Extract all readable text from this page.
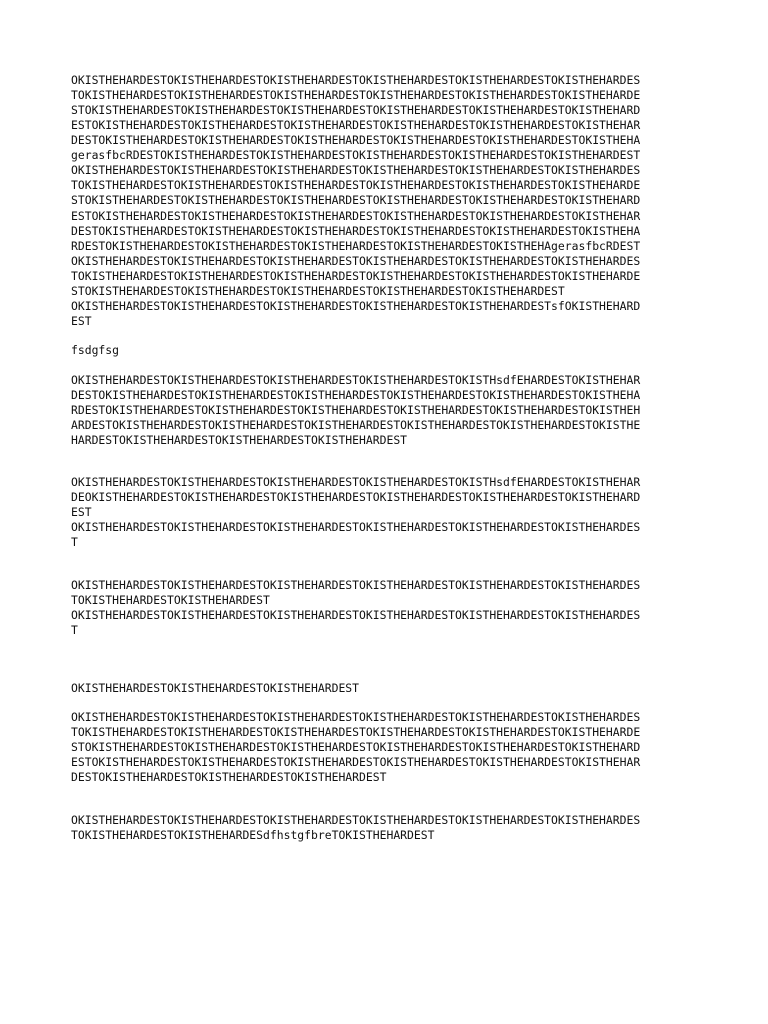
OKISTHEHARDESTOKISTHEHARDESTOKISTHEHARDESTOKISTHEHARDESTOKISTHEHARDESTOKISTHEHARDES
TOKISTHEHARDESTOKISTHEHARDESTOKISTHEHARDESTOKISTHEHARDESTOKISTHEHARDESTOKISTHEHARDE
STOKISTHEHARDESTOKISTHEHARDESTOKISTHEHARDESTOKISTHEHARDESTOKISTHEHARDESTOKISTHEHARD
ESTOKISTHEHARDESTOKISTHEHARDESTOKISTHEHARDESTOKISTHEHARDESTOKISTHEHARDESTOKISTHEHAR
DESTOKISTHEHARDESTOKISTHEHARDESTOKISTHEHARDESTOKISTHEHARDESTOKISTHEHARDESTOKISTHEHA
gerasfbcRDESTOKISTHEHARDESTOKISTHEHARDESTOKISTHEHARDESTOKISTHEHARDESTOKISTHEHARDEST
OKISTHEHARDESTOKISTHEHARDESTOKISTHEHARDESTOKISTHEHARDESTOKISTHEHARDESTOKISTHEHARDES
TOKISTHEHARDESTOKISTHEHARDESTOKISTHEHARDESTOKISTHEHARDESTOKISTHEHARDESTOKISTHEHARDE
STOKISTHEHARDESTOKISTHEHARDESTOKISTHEHARDESTOKISTHEHARDESTOKISTHEHARDESTOKISTHEHARD
ESTOKISTHEHARDESTOKISTHEHARDESTOKISTHEHARDESTOKISTHEHARDESTOKISTHEHARDESTOKISTHEHAR
DESTOKISTHEHARDESTOKISTHEHARDESTOKISTHEHARDESTOKISTHEHARDESTOKISTHEHARDESTOKISTHEHA
RDESTOKISTHEHARDESTOKISTHEHARDESTOKISTHEHARDESTOKISTHEHARDESTOKISTHEHAgerasfbcRDEST
OKISTHEHARDESTOKISTHEHARDESTOKISTHEHARDESTOKISTHEHARDESTOKISTHEHARDESTOKISTHEHARDES
TOKISTHEHARDESTOKISTHEHARDESTOKISTHEHARDESTOKISTHEHARDESTOKISTHEHARDESTOKISTHEHARDE
STOKISTHEHARDESTOKISTHEHARDESTOKISTHEHARDESTOKISTHEHARDESTOKISTHEHARDEST
OKISTHEHARDESTOKISTHEHARDESTOKISTHEHARDESTOKISTHEHARDESTOKISTHEHARDESTsfOKISTHEHARD
EST
fsdgfsg
OKISTHEHARDESTOKISTHEHARDESTOKISTHEHARDESTOKISTHEHARDESTOKISTHsdfEHARDESTOKISTHEHAR
DESTOKISTHEHARDESTOKISTHEHARDESTOKISTHEHARDESTOKISTHEHARDESTOKISTHEHARDESTOKISTHEHA
RDESTOKISTHEHARDESTOKISTHEHARDESTOKISTHEHARDESTOKISTHEHARDESTOKISTHEHARDESTOKISTHEH
ARDESTOKISTHEHARDESTOKISTHEHARDESTOKISTHEHARDESTOKISTHEHARDESTOKISTHEHARDESTOKISTHE
HARDESTOKISTHEHARDESTOKISTHEHARDESTOKISTHEHARDEST
OKISTHEHARDESTOKISTHEHARDESTOKISTHEHARDESTOKISTHEHARDESTOKISTHsdfEHARDESTOKISTHEHAR
DEOKISTHEHARDESTOKISTHEHARDESTOKISTHEHARDESTOKISTHEHARDESTOKISTHEHARDESTOKISTHEHARD
EST
OKISTHEHARDESTOKISTHEHARDESTOKISTHEHARDESTOKISTHEHARDESTOKISTHEHARDESTOKISTHEHARDES
T
OKISTHEHARDESTOKISTHEHARDESTOKISTHEHARDESTOKISTHEHARDESTOKISTHEHARDESTOKISTHEHARDES
TOKISTHEHARDESTOKISTHEHARDEST
OKISTHEHARDESTOKISTHEHARDESTOKISTHEHARDESTOKISTHEHARDESTOKISTHEHARDESTOKISTHEHARDES
T
OKISTHEHARDESTOKISTHEHARDESTOKISTHEHARDEST
OKISTHEHARDESTOKISTHEHARDESTOKISTHEHARDESTOKISTHEHARDESTOKISTHEHARDESTOKISTHEHARDES
TOKISTHEHARDESTOKISTHEHARDESTOKISTHEHARDESTOKISTHEHARDESTOKISTHEHARDESTOKISTHEHARDE
STOKISTHEHARDESTOKISTHEHARDESTOKISTHEHARDESTOKISTHEHARDESTOKISTHEHARDESTOKISTHEHARD
ESTOKISTHEHARDESTOKISTHEHARDESTOKISTHEHARDESTOKISTHEHARDESTOKISTHEHARDESTOKISTHEHAR
DESTOKISTHEHARDESTOKISTHEHARDESTOKISTHEHARDEST
OKISTHEHARDESTOKISTHEHARDESTOKISTHEHARDESTOKISTHEHARDESTOKISTHEHARDESTOKISTHEHARDES
TOKISTHEHARDESTOKISTHEHARDESdfhstgfbreTOKISTHEHARDEST
